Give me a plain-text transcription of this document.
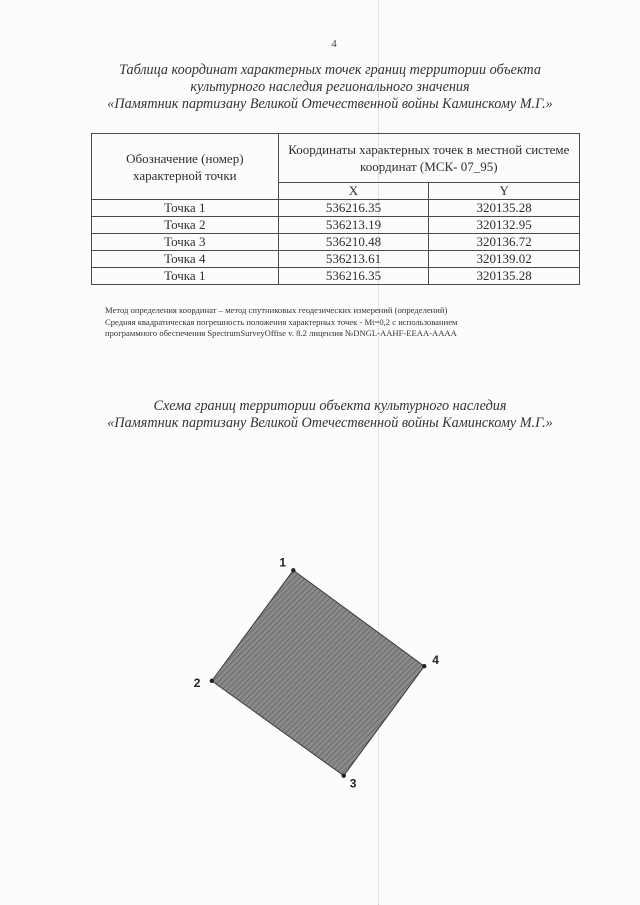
4
Таблица координат характерных точек границ территории объекта
культурного наследия регионального значения
«Памятник партизану Великой Отечественной войны Каминскому М.Г.»
Обозначение (номер) характерной точки	Координаты характерных точек в местной системе координат (МСК- 07_95)	
	X	Y
Точка 1	536216.35	320135.28
Точка 2	536213.19	320132.95
Точка 3	536210.48	320136.72
Точка 4	536213.61	320139.02
Точка 1	536216.35	320135.28
Метод определения координат – метод спутниковых геодезических измерений (определений)
Средняя квадратическая погрешность положения характерных точек - Mt=0,2 с использованием
программного обеспечения SpectrumSurveyOffise v. 8.2 лицензия №DNGL-AAHF-EEAA-AAAA
Схема границ территории объекта культурного наследия
«Памятник партизану Великой Отечественной войны Каминскому М.Г.»
1
2
3
4
